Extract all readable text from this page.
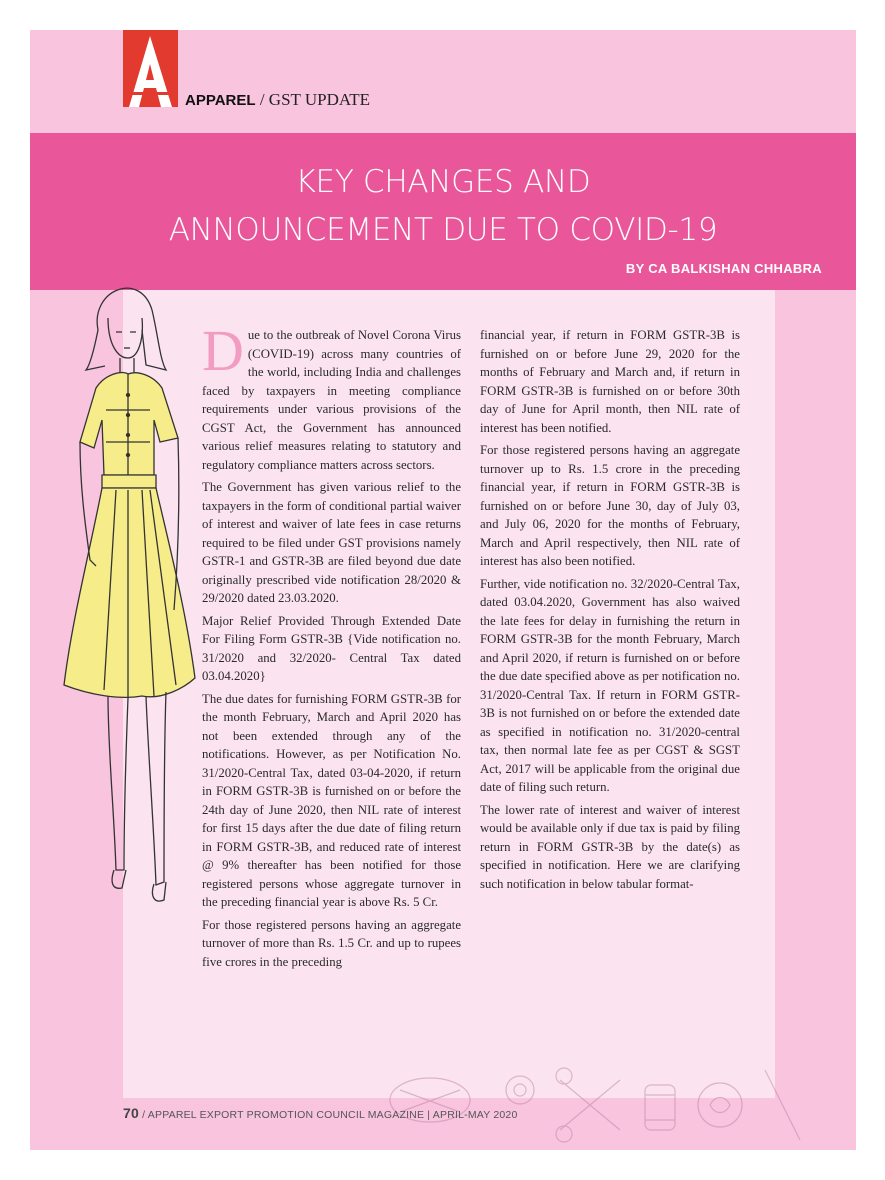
APPAREL / GST UPDATE
KEY CHANGES AND
ANNOUNCEMENT DUE TO COVID-19
BY CA BALKISHAN CHHABRA

Due to the outbreak of Novel Corona Virus (COVID-19) across many countries of the world, including India and challenges faced by taxpayers in meeting compliance requirements under various provisions of the CGST Act, the Government has announced various relief measures relating to statutory and regulatory compliance matters across sectors.

The Government has given various relief to the taxpayers in the form of conditional partial waiver of interest and waiver of late fees in case returns required to be filed under GST provisions namely GSTR-1 and GSTR-3B are filed beyond due date originally prescribed vide notification 28/2020 & 29/2020 dated 23.03.2020.

Major Relief Provided Through Extended Date For Filing Form GSTR-3B {Vide notification no. 31/2020 and 32/2020- Central Tax dated 03.04.2020}

The due dates for furnishing FORM GSTR-3B for the month February, March and April 2020 has not been extended through any of the notifications. However, as per Notification No. 31/2020-Central Tax, dated 03-04-2020, if return in FORM GSTR-3B is furnished on or before the 24th day of June 2020, then NIL rate of interest for first 15 days after the due date of filing return in FORM GSTR-3B, and reduced rate of interest @ 9% thereafter has been notified for those registered persons whose aggregate turnover in the preceding financial year is above Rs. 5 Cr.

For those registered persons having an aggregate turnover of more than Rs. 1.5 Cr. and up to rupees five crores in the preceding

financial year, if return in FORM GSTR-3B is furnished on or before June 29, 2020 for the months of February and March and, if return in FORM GSTR-3B is furnished on or before 30th day of June for April month, then NIL rate of interest has been notified.

For those registered persons having an aggregate turnover up to Rs. 1.5 crore in the preceding financial year, if return in FORM GSTR-3B is furnished on or before June 30, day of July 03, and July 06, 2020 for the months of February, March and April respectively, then NIL rate of interest has also been notified.

Further, vide notification no. 32/2020-Central Tax, dated 03.04.2020, Government has also waived the late fees for delay in furnishing the return in FORM GSTR-3B for the month February, March and April 2020, if return is furnished on or before the due date specified above as per notification no. 31/2020-Central Tax. If return in FORM GSTR-3B is not furnished on or before the extended date as specified in notification no. 31/2020-central tax, then normal late fee as per CGST & SGST Act, 2017 will be applicable from the original due date of filing such return.

The lower rate of interest and waiver of interest would be available only if due tax is paid by filing return in FORM GSTR-3B by the date(s) as specified in notification. Here we are clarifying such notification in below tabular format-

70 / APPAREL EXPORT PROMOTION COUNCIL MAGAZINE | APRIL-MAY 2020
